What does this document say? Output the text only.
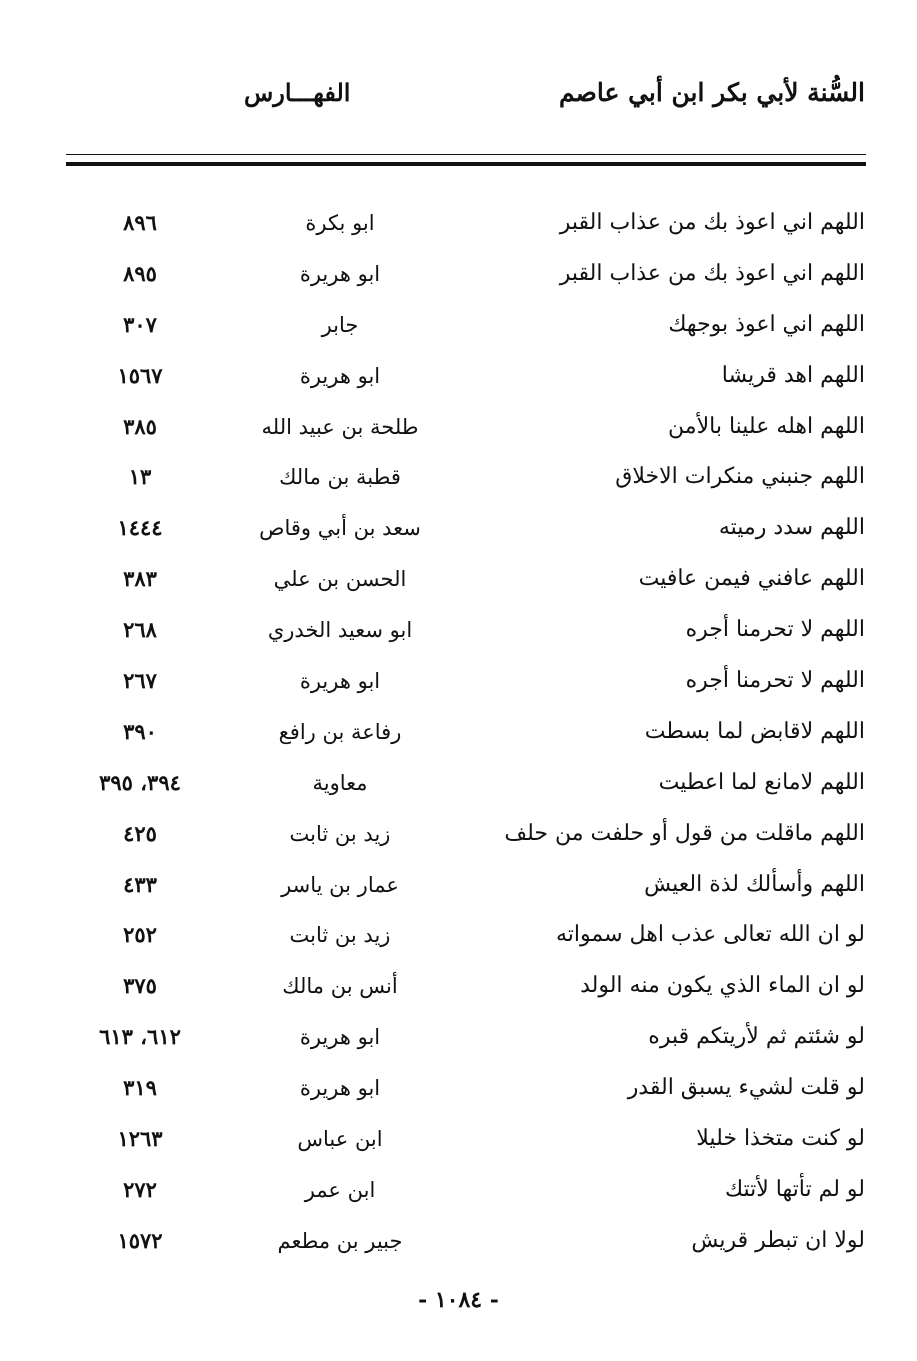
السُّنة لأبي بكر ابن أبي عاصم
الفهـــارس
اللهم اني اعوذ بك من عذاب القبر
ابو بكرة
٨٩٦
اللهم اني اعوذ بك من عذاب القبر
ابو هريرة
٨٩٥
اللهم اني اعوذ بوجهك
جابر
٣٠٧
اللهم اهد قريشا
ابو هريرة
١٥٦٧
اللهم اهله علينا بالأمن
طلحة بن عبيد الله
٣٨٥
اللهم جنبني منكرات الاخلاق
قطبة بن مالك
١٣
اللهم سدد رميته
سعد بن أبي وقاص
١٤٤٤
اللهم عافني فيمن عافيت
الحسن بن علي
٣٨٣
اللهم لا تحرمنا أجره
ابو سعيد الخدري
٢٦٨
اللهم لا تحرمنا أجره
ابو هريرة
٢٦٧
اللهم لاقابض لما بسطت
رفاعة بن رافع
٣٩٠
اللهم لامانع لما اعطيت
معاوية
٣٩٤، ٣٩٥
اللهم ماقلت من قول أو حلفت من حلف
زيد بن ثابت
٤٢٥
اللهم وأسألك لذة العيش
عمار بن ياسر
٤٣٣
لو ان الله تعالى عذب اهل سمواته
زيد بن ثابت
٢٥٢
لو ان الماء الذي يكون منه الولد
أنس بن مالك
٣٧٥
لو شئتم ثم لأريتكم قبره
ابو هريرة
٦١٢، ٦١٣
لو قلت لشيء يسبق القدر
ابو هريرة
٣١٩
لو كنت متخذا خليلا
ابن عباس
١٢٦٣
لو لم تأتها لأتتك
ابن عمر
٢٧٢
لولا ان تبطر قريش
جبير بن مطعم
١٥٧٢
- ١٠٨٤ -
